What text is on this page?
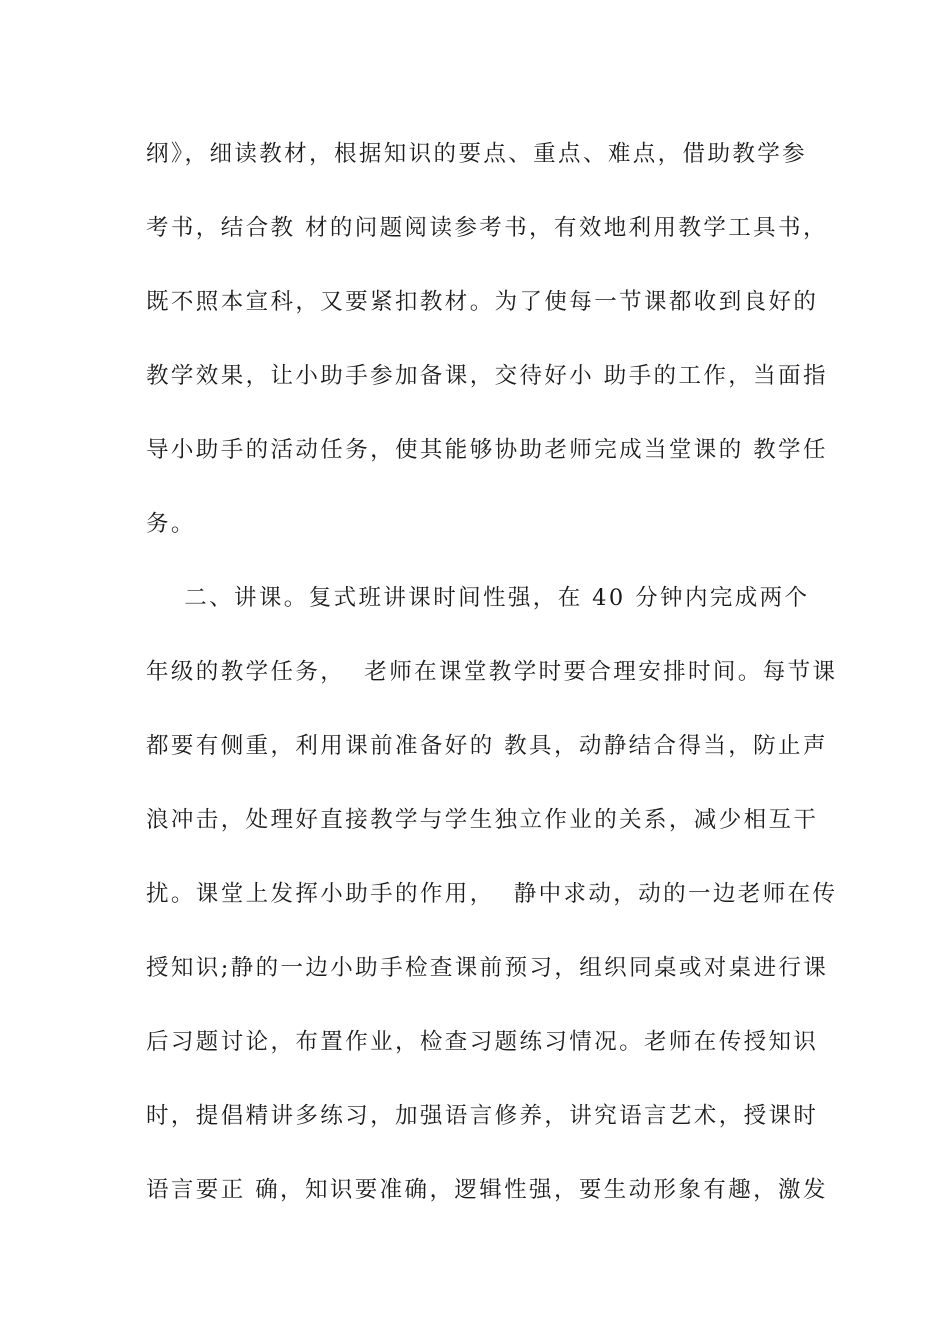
纲》，细读教材，根据知识的要点、重点、难点，借助教学参
考书，结合教 材的问题阅读参考书，有效地利用教学工具书，
既不照本宣科，又要紧扣教材。为了使每一节课都收到良好的
教学效果，让小助手参加备课，交待好小 助手的工作，当面指
导小助手的活动任务，使其能够协助老师完成当堂课的 教学任
务。
二、讲课。复式班讲课时间性强，在 40 分钟内完成两个
年级的教学任务，  老师在课堂教学时要合理安排时间。每节课
都要有侧重，利用课前准备好的 教具，动静结合得当，防止声
浪冲击，处理好直接教学与学生独立作业的关系，减少相互干
扰。课堂上发挥小助手的作用，  静中求动，动的一边老师在传
授知识;静的一边小助手检查课前预习，组织同桌或对桌进行课
后习题讨论，布置作业，检查习题练习情况。老师在传授知识
时，提倡精讲多练习，加强语言修养，讲究语言艺术，授课时
语言要正 确，知识要准确，逻辑性强，要生动形象有趣，激发
